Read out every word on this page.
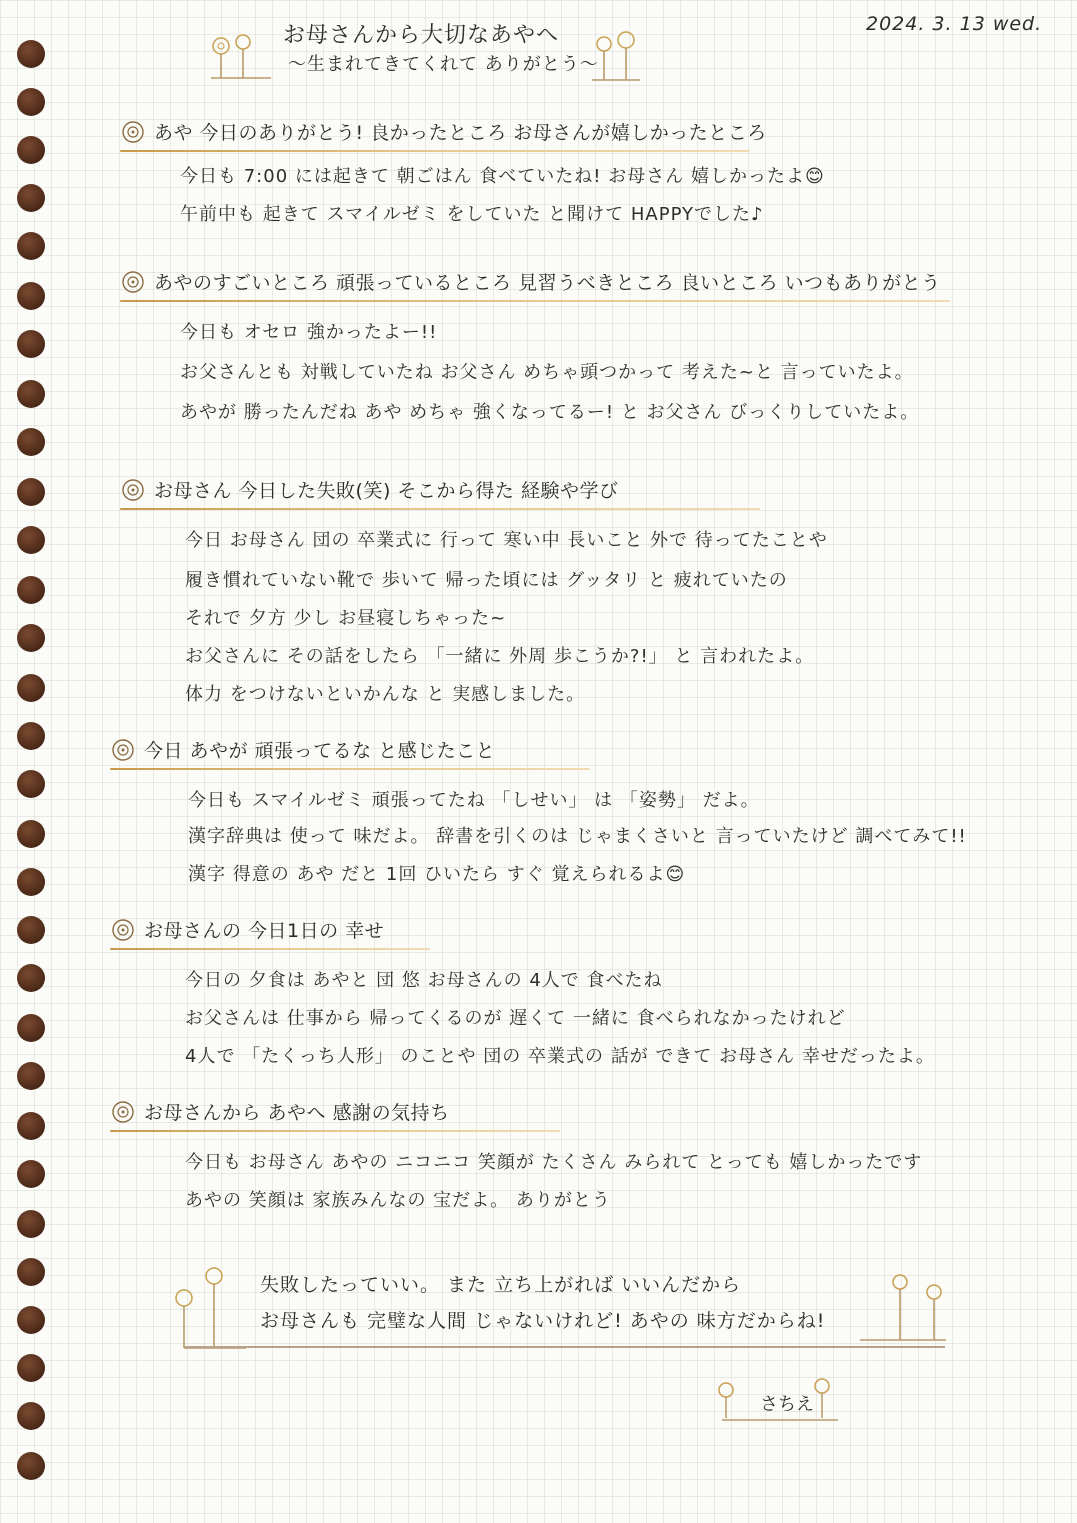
お母さんから大切なあやへ
〜生まれてきてくれて ありがとう〜
2024. 3. 13 wed.
あや 今日のありがとう! 良かったところ お母さんが嬉しかったところ
今日も 7:00 には起きて 朝ごはん 食べていたね! お母さん 嬉しかったよ😊
午前中も 起きて スマイルゼミ をしていた と聞けて HAPPYでした♪
あやのすごいところ 頑張っているところ 見習うべきところ 良いところ いつもありがとう
今日も オセロ 強かったよー!!
お父さんとも 対戦していたね お父さん めちゃ頭つかって 考えた~と 言っていたよ。
あやが 勝ったんだね あや めちゃ 強くなってるー! と お父さん びっくりしていたよ。
お母さん 今日した失敗(笑) そこから得た 経験や学び
今日 お母さん 団の 卒業式に 行って 寒い中 長いこと 外で 待ってたことや
履き慣れていない靴で 歩いて 帰った頃には グッタリ と 疲れていたの
それで 夕方 少し お昼寝しちゃった~
お父さんに その話をしたら 「一緒に 外周 歩こうか?!」 と 言われたよ。
体力 をつけないといかんな と 実感しました。
今日 あやが 頑張ってるな と感じたこと
今日も スマイルゼミ 頑張ってたね 「しせい」 は 「姿勢」 だよ。
漢字辞典は 使って 味だよ。 辞書を引くのは じゃまくさいと 言っていたけど 調べてみて!!
漢字 得意の あや だと 1回 ひいたら すぐ 覚えられるよ😊
お母さんの 今日1日の 幸せ
今日の 夕食は あやと 団 悠 お母さんの 4人で 食べたね
お父さんは 仕事から 帰ってくるのが 遅くて 一緒に 食べられなかったけれど
4人で 「たくっち人形」 のことや 団の 卒業式の 話が できて お母さん 幸せだったよ。
お母さんから あやへ 感謝の気持ち
今日も お母さん あやの ニコニコ 笑顔が たくさん みられて とっても 嬉しかったです
あやの 笑顔は 家族みんなの 宝だよ。 ありがとう
失敗したっていい。 また 立ち上がれば いいんだから
お母さんも 完璧な人間 じゃないけれど! あやの 味方だからね!
さちえ
